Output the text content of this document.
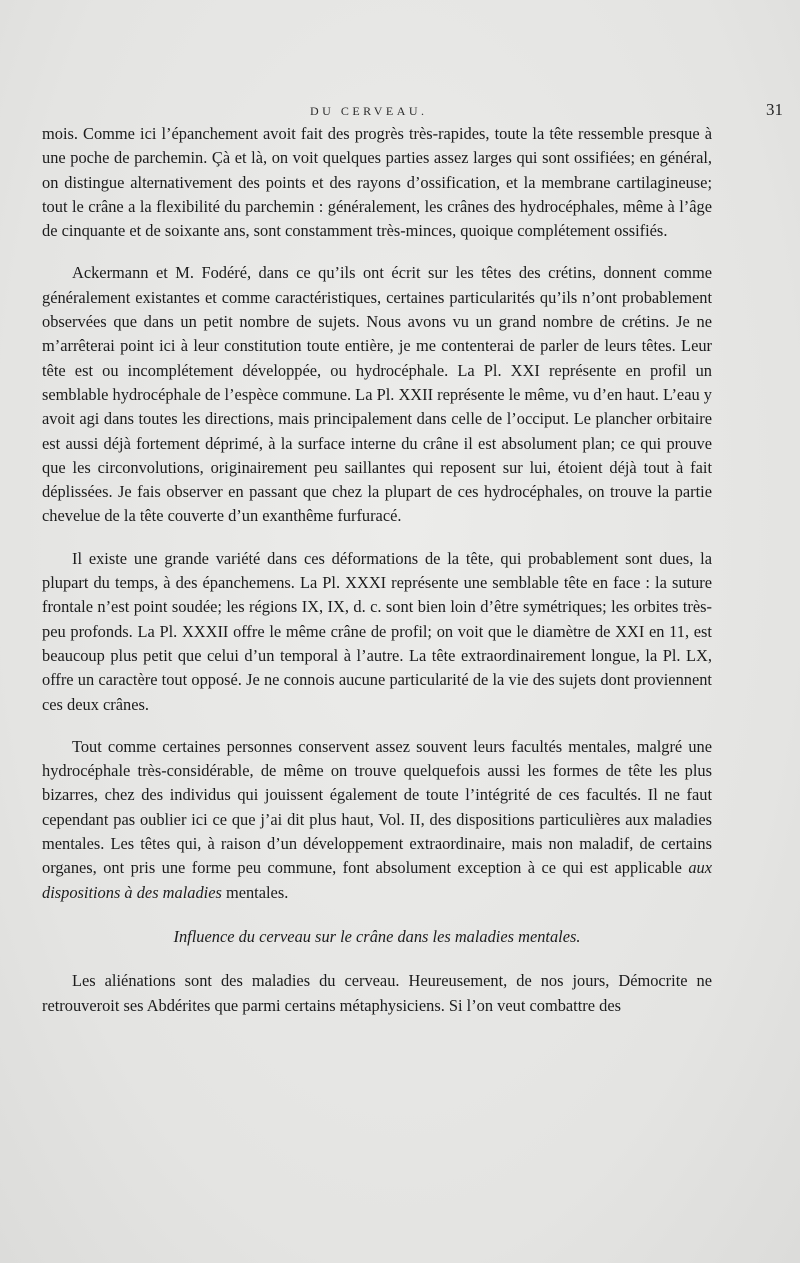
DU CERVEAU.	31

mois. Comme ici l’épanchement avoit fait des progrès très-rapides, toute la tête ressemble presque à une poche de parchemin. Çà et là, on voit quelques parties assez larges qui sont ossifiées; en général, on distingue alternativement des points et des rayons d’ossification, et la membrane cartilagineuse; tout le crâne a la flexibilité du parchemin : généralement, les crânes des hydrocéphales, même à l’âge de cinquante et de soixante ans, sont constamment très-minces, quoique complétement ossifiés.

Ackermann et M. Fodéré, dans ce qu’ils ont écrit sur les têtes des crétins, donnent comme généralement existantes et comme caractéristiques, certaines particularités qu’ils n’ont probablement observées que dans un petit nombre de sujets. Nous avons vu un grand nombre de crétins. Je ne m’arrêterai point ici à leur constitution toute entière, je me contenterai de parler de leurs têtes. Leur tête est ou incomplétement développée, ou hydrocéphale. La Pl. XXI représente en profil un semblable hydrocéphale de l’espèce commune. La Pl. XXII représente le même, vu d’en haut. L’eau y avoit agi dans toutes les directions, mais principalement dans celle de l’occiput. Le plancher orbitaire est aussi déjà fortement déprimé, à la surface interne du crâne il est absolument plan; ce qui prouve que les circonvolutions, originairement peu saillantes qui reposent sur lui, étoient déjà tout à fait déplissées. Je fais observer en passant que chez la plupart de ces hydrocéphales, on trouve la partie chevelue de la tête couverte d’un exanthême furfuracé.

Il existe une grande variété dans ces déformations de la tête, qui probablement sont dues, la plupart du temps, à des épanchemens. La Pl. XXXI représente une semblable tête en face : la suture frontale n’est point soudée; les régions IX, IX, d. c. sont bien loin d’être symétriques; les orbites très-peu profonds. La Pl. XXXII offre le même crâne de profil; on voit que le diamètre de XXI en 11, est beaucoup plus petit que celui d’un temporal à l’autre. La tête extraordinairement longue, la Pl. LX, offre un caractère tout opposé. Je ne connois aucune particularité de la vie des sujets dont proviennent ces deux crânes.

Tout comme certaines personnes conservent assez souvent leurs facultés mentales, malgré une hydrocéphale très-considérable, de même on trouve quelquefois aussi les formes de tête les plus bizarres, chez des individus qui jouissent également de toute l’intégrité de ces facultés. Il ne faut cependant pas oublier ici ce que j’ai dit plus haut, Vol. II, des dispositions particulières aux maladies mentales. Les têtes qui, à raison d’un développement extraordinaire, mais non maladif, de certains organes, ont pris une forme peu commune, font absolument exception à ce qui est applicable aux dispositions à des maladies mentales.

Influence du cerveau sur le crâne dans les maladies mentales.

Les aliénations sont des maladies du cerveau. Heureusement, de nos jours, Démocrite ne retrouveroit ses Abdérites que parmi certains métaphysiciens. Si l’on veut combattre des
